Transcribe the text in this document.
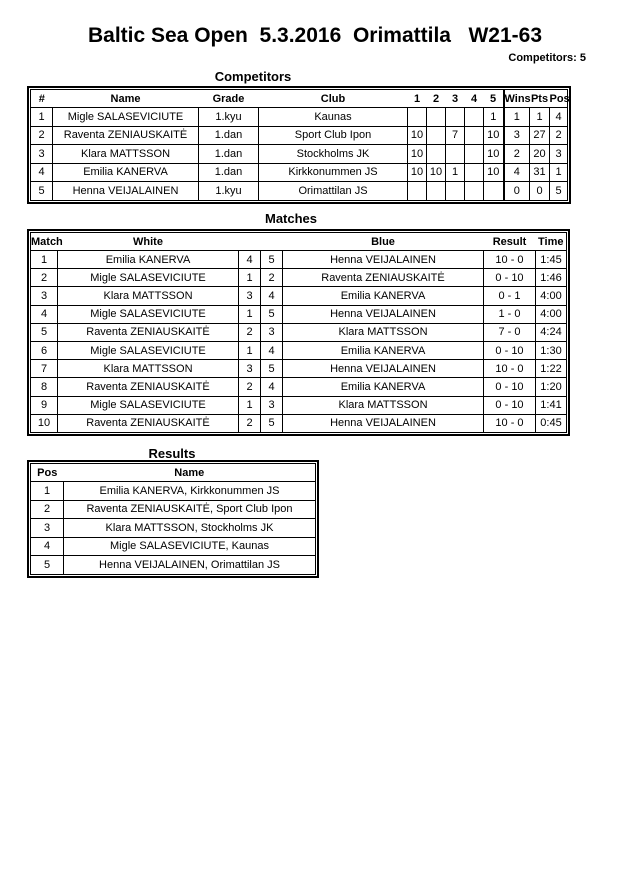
Baltic Sea Open  5.3.2016  Orimattila   W21-63
Competitors: 5
Competitors
#	Name	Grade	Club	1	2	3	4	5	Wins	Pts	Pos
1	Migle SALASEVICIUTE	1.kyu	Kaunas					1	1	1	4
2	Raventa ZENIAUSKAITĖ	1.dan	Sport Club Ipon	10		7		10	3	27	2
3	Klara MATTSSON	1.dan	Stockholms JK	10				10	2	20	3
4	Emilia KANERVA	1.dan	Kirkkonummen JS	10	10	1		10	4	31	1
5	Henna VEIJALAINEN	1.kyu	Orimattilan JS						0	0	5
Matches
Match	White			Blue	Result	Time
1	Emilia KANERVA	4	5	Henna VEIJALAINEN	10 - 0	1:45
2	Migle SALASEVICIUTE	1	2	Raventa ZENIAUSKAITĖ	0 - 10	1:46
3	Klara MATTSSON	3	4	Emilia KANERVA	0 - 1	4:00
4	Migle SALASEVICIUTE	1	5	Henna VEIJALAINEN	1 - 0	4:00
5	Raventa ZENIAUSKAITĖ	2	3	Klara MATTSSON	7 - 0	4:24
6	Migle SALASEVICIUTE	1	4	Emilia KANERVA	0 - 10	1:30
7	Klara MATTSSON	3	5	Henna VEIJALAINEN	10 - 0	1:22
8	Raventa ZENIAUSKAITĖ	2	4	Emilia KANERVA	0 - 10	1:20
9	Migle SALASEVICIUTE	1	3	Klara MATTSSON	0 - 10	1:41
10	Raventa ZENIAUSKAITĖ	2	5	Henna VEIJALAINEN	10 - 0	0:45
Results
Pos	Name
1	Emilia KANERVA, Kirkkonummen JS
2	Raventa ZENIAUSKAITĖ, Sport Club Ipon
3	Klara MATTSSON, Stockholms JK
4	Migle SALASEVICIUTE, Kaunas
5	Henna VEIJALAINEN, Orimattilan JS
